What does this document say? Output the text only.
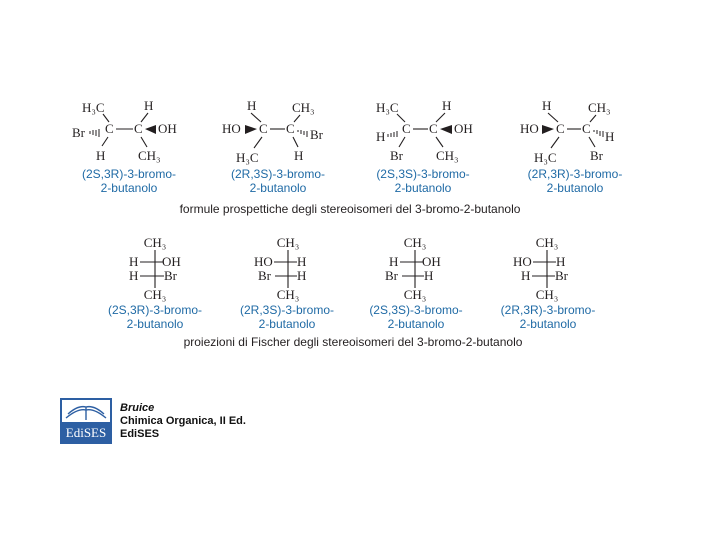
H₃C	H
Br C C OH
H	CH₃
H	CH₃
HO C C Br
H₃C	H
H₃C	H
H
C C OH
Br	CH₃
H	CH₃
HO C C
H
H₃C	Br
(2S,3R)-3-bromo-
2-butanolo
(2R,3S)-3-bromo-
2-butanolo
(2S,3S)-3-bromo-
2-butanolo
(2R,3R)-3-bromo-
2-butanolo
formule prospettiche degli stereoisomeri del 3-bromo-2-butanolo
CH₃
H OH
H Br
CH₃
CH₃
HO H
Br H
CH₃
CH₃
H OH
Br H
CH₃
CH₃
HO H
H Br
CH₃
(2S,3R)-3-bromo-
2-butanolo
(2R,3S)-3-bromo-
2-butanolo
(2S,3S)-3-bromo-
2-butanolo
(2R,3R)-3-bromo-
2-butanolo
proiezioni di Fischer degli stereoisomeri del 3-bromo-2-butanolo
EdiSES
Bruice
Chimica Organica, II Ed.
EdiSES
